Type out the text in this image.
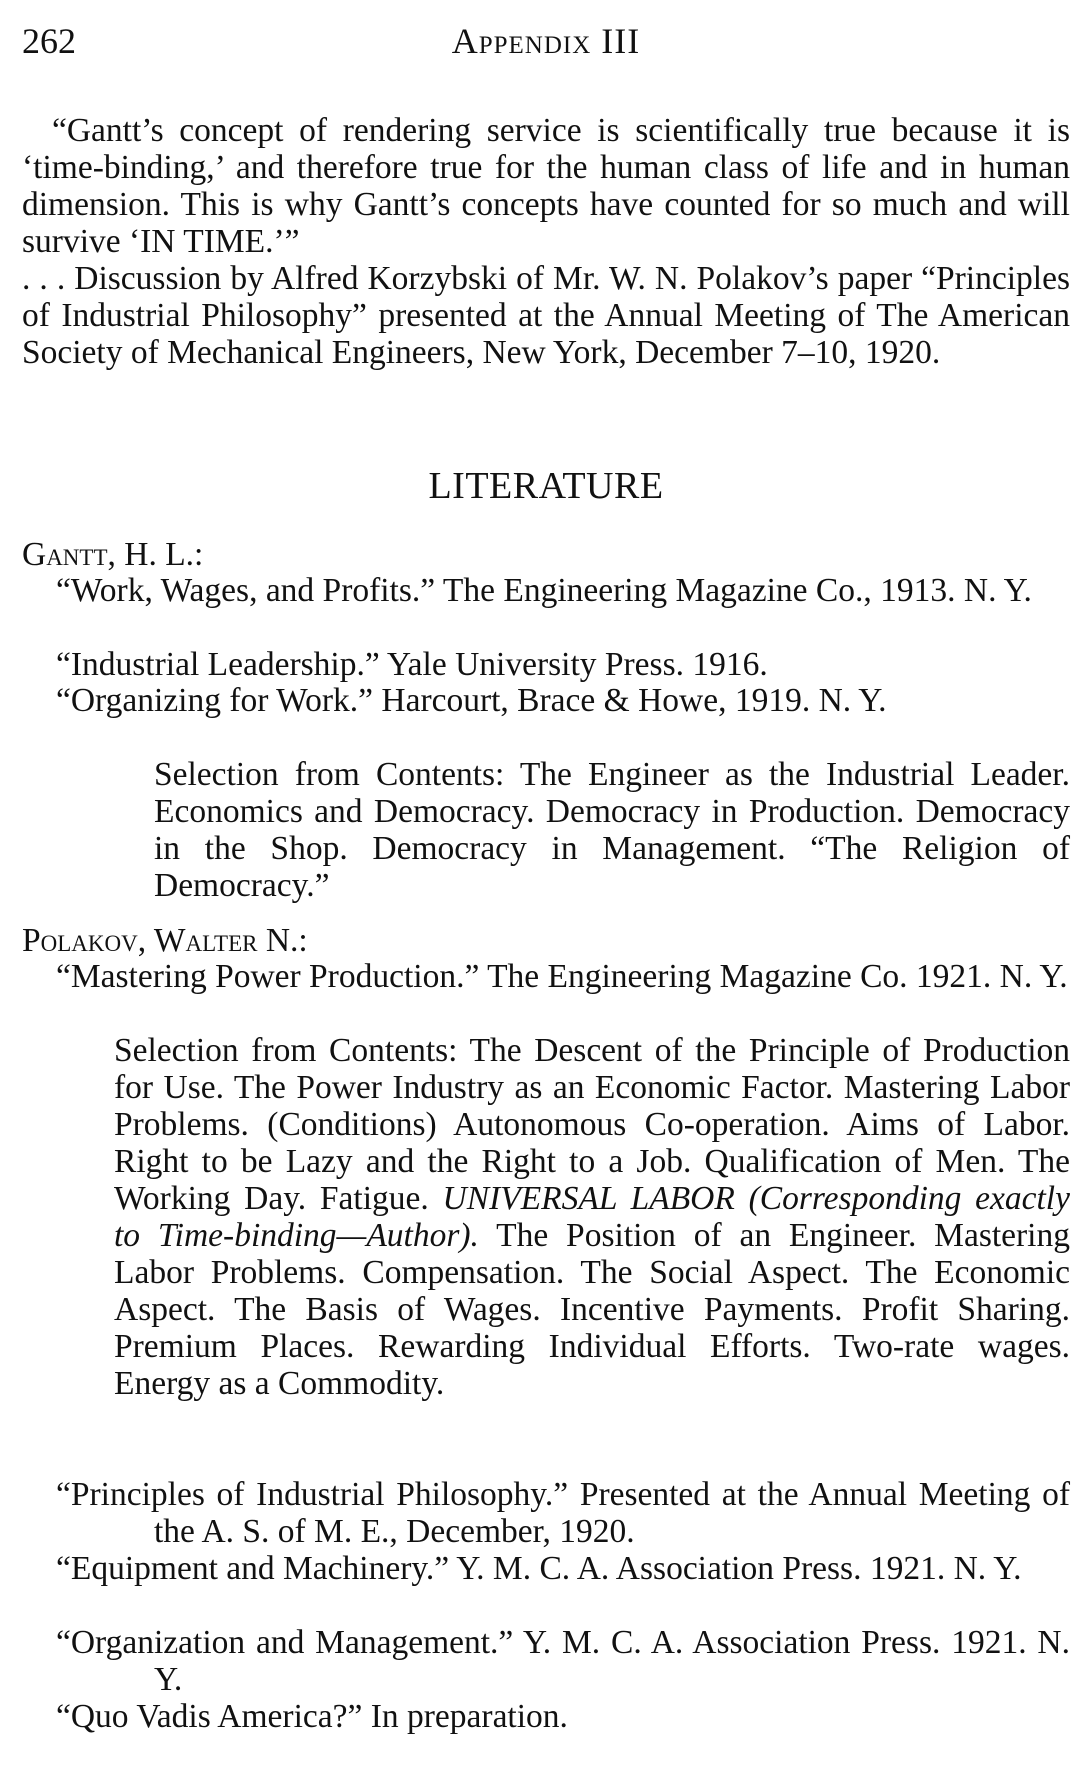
262	Appendix III

“Gantt’s concept of rendering service is scientifically true because it is ‘time-binding,’ and therefore true for the human class of life and in human dimension. This is why Gantt’s concepts have counted for so much and will survive ‘IN TIME.’”
. . . Discussion by Alfred Korzybski of Mr. W. N. Polakov’s paper “Principles of Industrial Philosophy” presented at the Annual Meeting of The American Society of Mechanical Engineers, New York, December 7–10, 1920.

LITERATURE
Gantt, H. L.:
“Work, Wages, and Profits.” The Engineering Magazine Co., 1913. N. Y.
“Industrial Leadership.” Yale University Press. 1916.
“Organizing for Work.” Harcourt, Brace & Howe, 1919. N. Y.
Selection from Contents: The Engineer as the Industrial Leader. Economics and Democracy. Democracy in Production. Democracy in the Shop. Democracy in Management. “The Religion of Democracy.”
Polakov, Walter N.:
“Mastering Power Production.” The Engineering Magazine Co. 1921. N. Y.
Selection from Contents: The Descent of the Principle of Production for Use. The Power Industry as an Economic Factor. Mastering Labor Problems. (Conditions) Autonomous Co-operation. Aims of Labor. Right to be Lazy and the Right to a Job. Qualification of Men. The Working Day. Fatigue. UNIVERSAL LABOR (Corresponding exactly to Time-binding—Author). The Position of an Engineer. Mastering Labor Problems. Compensation. The Social Aspect. The Economic Aspect. The Basis of Wages. Incentive Payments. Profit Sharing. Premium Places. Rewarding Individual Efforts. Two-rate wages. Energy as a Commodity.
“Principles of Industrial Philosophy.” Presented at the Annual Meeting of the A. S. of M. E., December, 1920.
“Equipment and Machinery.” Y. M. C. A. Association Press. 1921. N. Y.
“Organization and Management.” Y. M. C. A. Association Press. 1921. N. Y.
“Quo Vadis America?” In preparation.
